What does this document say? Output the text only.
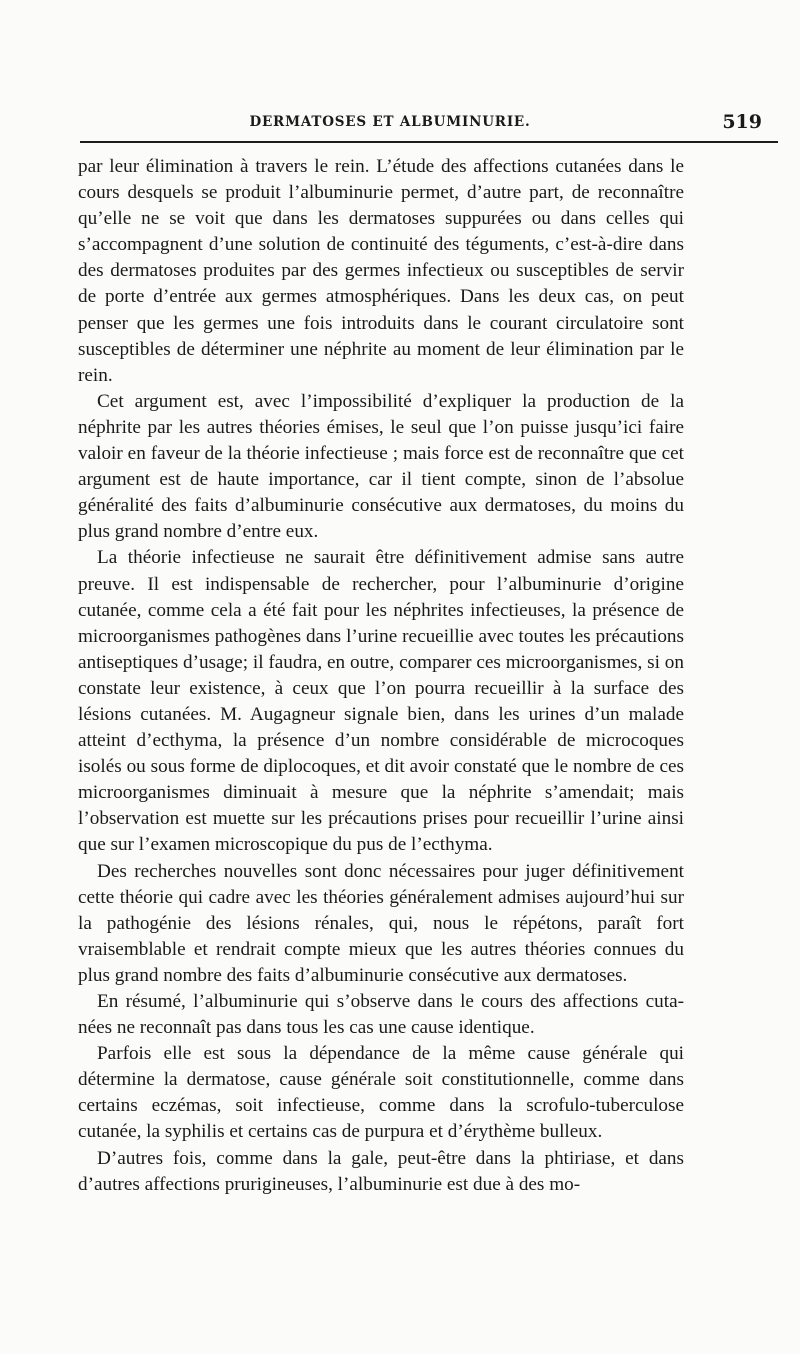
DERMATOSES ET ALBUMINURIE.	519

par leur élimination à travers le rein. L’étude des affections cutanées dans le cours desquels se produit l’albuminurie permet, d’autre part, de reconnaître qu’elle ne se voit que dans les dermatoses suppurées ou dans celles qui s’accompagnent d’une solution de continuité des téguments, c’est-à-dire dans des dermatoses produites par des germes infectieux ou susceptibles de servir de porte d’entrée aux germes atmosphériques. Dans les deux cas, on peut penser que les germes une fois introduits dans le courant circulatoire sont susceptibles de déterminer une néphrite au moment de leur élimination par le rein.

Cet argument est, avec l’impossibilité d’expliquer la production de la néphrite par les autres théories émises, le seul que l’on puisse jusqu’ici faire valoir en faveur de la théorie infectieuse ; mais force est de reconnaître que cet argument est de haute importance, car il tient compte, sinon de l’absolue généralité des faits d’albuminurie consécutive aux dermatoses, du moins du plus grand nombre d’entre eux.

La théorie infectieuse ne saurait être définitivement admise sans autre preuve. Il est indispensable de rechercher, pour l’albuminurie d’origine cutanée, comme cela a été fait pour les néphrites infectieuses, la présence de microorganismes pathogènes dans l’urine recueillie avec toutes les précautions antiseptiques d’usage; il faudra, en outre, comparer ces microorganismes, si on constate leur existence, à ceux que l’on pourra recueillir à la surface des lésions cutanées. M. Augagneur signale bien, dans les urines d’un malade atteint d’ecthyma, la présence d’un nombre considérable de microcoques isolés ou sous forme de diplocoques, et dit avoir constaté que le nombre de ces microorganismes diminuait à mesure que la néphrite s’amendait; mais l’observation est muette sur les précautions prises pour recueillir l’urine ainsi que sur l’examen microscopique du pus de l’ecthyma.

Des recherches nouvelles sont donc nécessaires pour juger définitivement cette théorie qui cadre avec les théories généralement admises aujourd’hui sur la pathogénie des lésions rénales, qui, nous le répétons, paraît fort vraisemblable et rendrait compte mieux que les autres théories connues du plus grand nombre des faits d’albuminurie consécutive aux dermatoses.

En résumé, l’albuminurie qui s’observe dans le cours des affections cutanées ne reconnaît pas dans tous les cas une cause identique.

Parfois elle est sous la dépendance de la même cause générale qui détermine la dermatose, cause générale soit constitutionnelle, comme dans certains eczémas, soit infectieuse, comme dans la scrofulo-tuberculose cutanée, la syphilis et certains cas de purpura et d’érythème bulleux.

D’autres fois, comme dans la gale, peut-être dans la phtiriase, et dans d’autres affections prurigineuses, l’albuminurie est due à des mo-
